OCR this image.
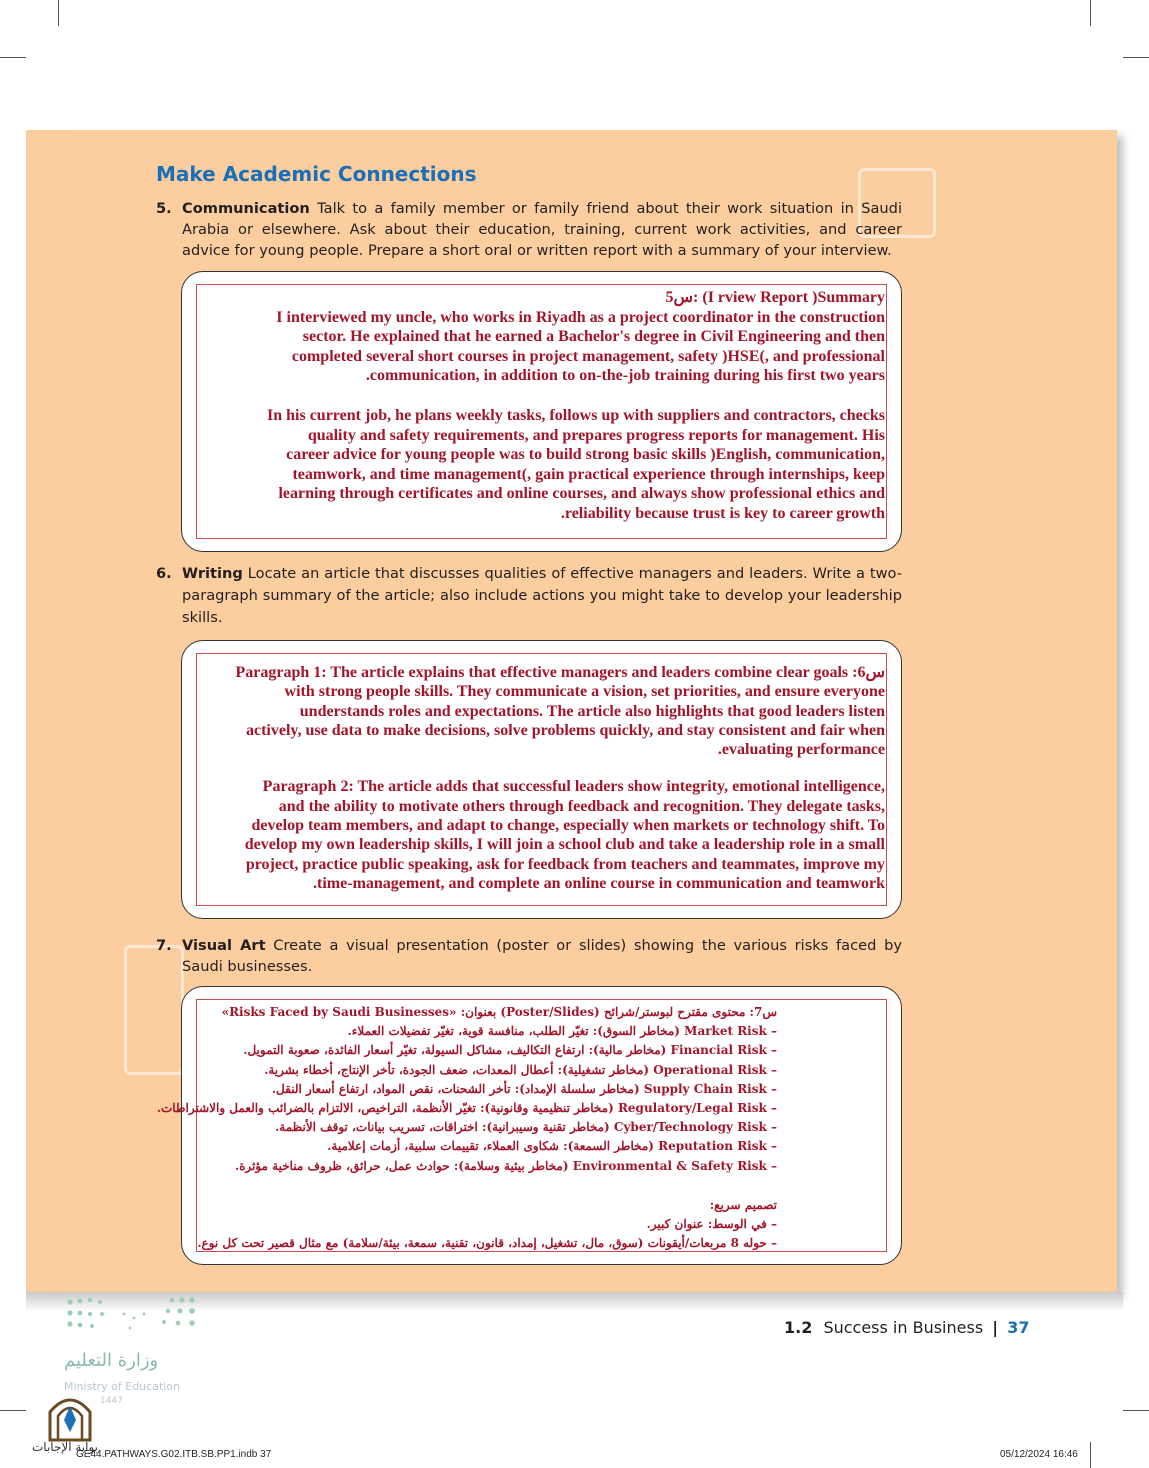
Make Academic Connections
5. Communication Talk to a family member or family friend about their work situation in Saudi Arabia or elsewhere. Ask about their education, training, current work activities, and career advice for young people. Prepare a short oral or written report with a summary of your interview.

س5: (I rview Report )Summary

I interviewed my uncle, who works in Riyadh as a project coordinator in the construction

sector. He explained that he earned a Bachelor's degree in Civil Engineering and then

completed several short courses in project management, safety )HSE(, and professional

.communication, in addition to on-the-job training during his first two years

In his current job, he plans weekly tasks, follows up with suppliers and contractors, checks

quality and safety requirements, and prepares progress reports for management. His

career advice for young people was to build strong basic skills )English, communication,

teamwork, and time management(, gain practical experience through internships, keep

learning through certificates and online courses, and always show professional ethics and

.reliability because trust is key to career growth

6. Writing Locate an article that discusses qualities of effective managers and leaders. Write a two-paragraph summary of the article; also include actions you might take to develop your leadership skills.

Paragraph 1: The article explains that effective managers and leaders combine clear goals :6س

with strong people skills. They communicate a vision, set priorities, and ensure everyone

understands roles and expectations. The article also highlights that good leaders listen

actively, use data to make decisions, solve problems quickly, and stay consistent and fair when

.evaluating performance

Paragraph 2: The article adds that successful leaders show integrity, emotional intelligence,

and the ability to motivate others through feedback and recognition. They delegate tasks,

develop team members, and adapt to change, especially when markets or technology shift. To

develop my own leadership skills, I will join a school club and take a leadership role in a small

project, practice public speaking, ask for feedback from teachers and teammates, improve my

.time-management, and complete an online course in communication and teamwork

7. Visual Art Create a visual presentation (poster or slides) showing the various risks faced by Saudi businesses.
س7: محتوى مقترح لبوستر/شرائح (Poster/Slides) بعنوان: «Risks Faced by Saudi Businesses»
– Market Risk (مخاطر السوق): تغيّر الطلب، منافسة قوية، تغيّر تفضيلات العملاء.
– Financial Risk (مخاطر مالية): ارتفاع التكاليف، مشاكل السيولة، تغيّر أسعار الفائدة، صعوبة التمويل.
– Operational Risk (مخاطر تشغيلية): أعطال المعدات، ضعف الجودة، تأخر الإنتاج، أخطاء بشرية.
– Supply Chain Risk (مخاطر سلسلة الإمداد): تأخر الشحنات، نقص المواد، ارتفاع أسعار النقل.
– Regulatory/Legal Risk (مخاطر تنظيمية وقانونية): تغيّر الأنظمة، التراخيص، الالتزام بالضرائب والعمل والاشتراطات.
– Cyber/Technology Risk (مخاطر تقنية وسيبرانية): اختراقات، تسريب بيانات، توقف الأنظمة.
– Reputation Risk (مخاطر السمعة): شكاوى العملاء، تقييمات سلبية، أزمات إعلامية.
– Environmental & Safety Risk (مخاطر بيئية وسلامة): حوادث عمل، حرائق، ظروف مناخية مؤثرة.
تصميم سريع:
– في الوسط: عنوان كبير.
– حوله 8 مربعات/أيقونات (سوق، مال، تشغيل، إمداد، قانون، تقنية، سمعة، بيئة/سلامة) مع مثال قصير تحت كل نوع.
وزارة التعليم
Ministry of Education
1447
بوابة الإجابات
1.2 Success in Business | 37
GE44.PATHWAYS.G02.ITB.SB.PP1.indb 37	05/12/2024 16:46
